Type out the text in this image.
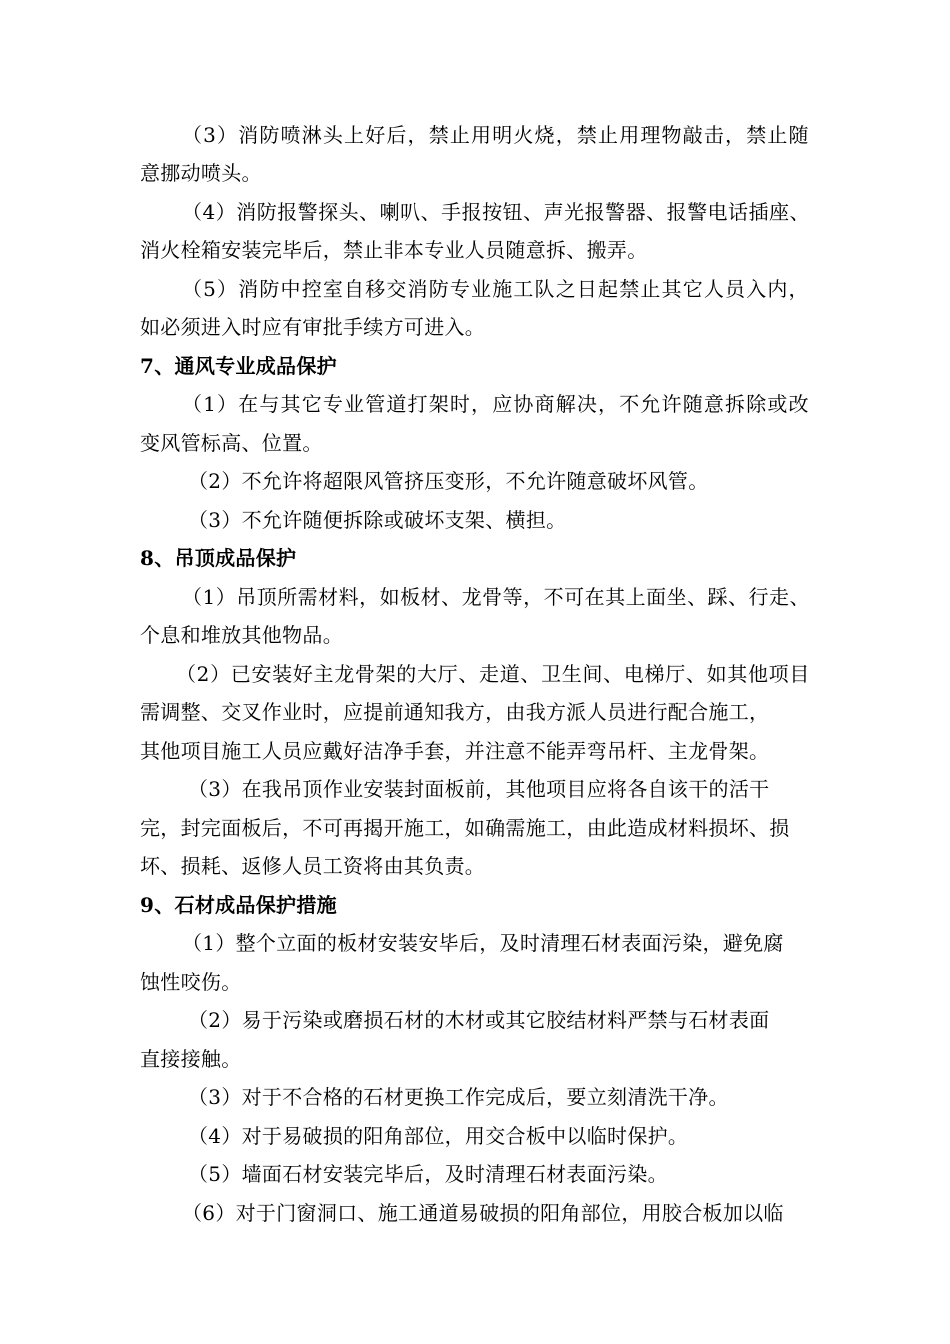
（3）消防喷淋头上好后，禁止用明火烧，禁止用理物敲击，禁止随
意挪动喷头。
（4）消防报警探头、喇叭、手报按钮、声光报警器、报警电话插座、
消火栓箱安装完毕后，禁止非本专业人员随意拆、搬弄。
（5）消防中控室自移交消防专业施工队之日起禁止其它人员入内，
如必须进入时应有审批手续方可进入。
7、通风专业成品保护
（1）在与其它专业管道打架时，应协商解决，不允许随意拆除或改
变风管标高、位置。
（2）不允许将超限风管挤压变形，不允许随意破坏风管。
（3）不允许随便拆除或破坏支架、横担。
8、吊顶成品保护
（1）吊顶所需材料，如板材、龙骨等，不可在其上面坐、踩、行走、
个息和堆放其他物品。
（2）已安装好主龙骨架的大厅、走道、卫生间、电梯厅、如其他项目
需调整、交叉作业时，应提前通知我方，由我方派人员进行配合施工，
其他项目施工人员应戴好洁净手套，并注意不能弄弯吊杆、主龙骨架。
（3）在我吊顶作业安装封面板前，其他项目应将各自该干的活干
完，封完面板后，不可再揭开施工，如确需施工，由此造成材料损坏、损
坏、损耗、返修人员工资将由其负责。
9、石材成品保护措施
（1）整个立面的板材安装安毕后，及时清理石材表面污染，避免腐
蚀性咬伤。
（2）易于污染或磨损石材的木材或其它胶结材料严禁与石材表面
直接接触。
（3）对于不合格的石材更换工作完成后，要立刻清洗干净。
（4）对于易破损的阳角部位，用交合板中以临时保护。
（5）墙面石材安装完毕后，及时清理石材表面污染。
（6）对于门窗洞口、施工通道易破损的阳角部位，用胶合板加以临
